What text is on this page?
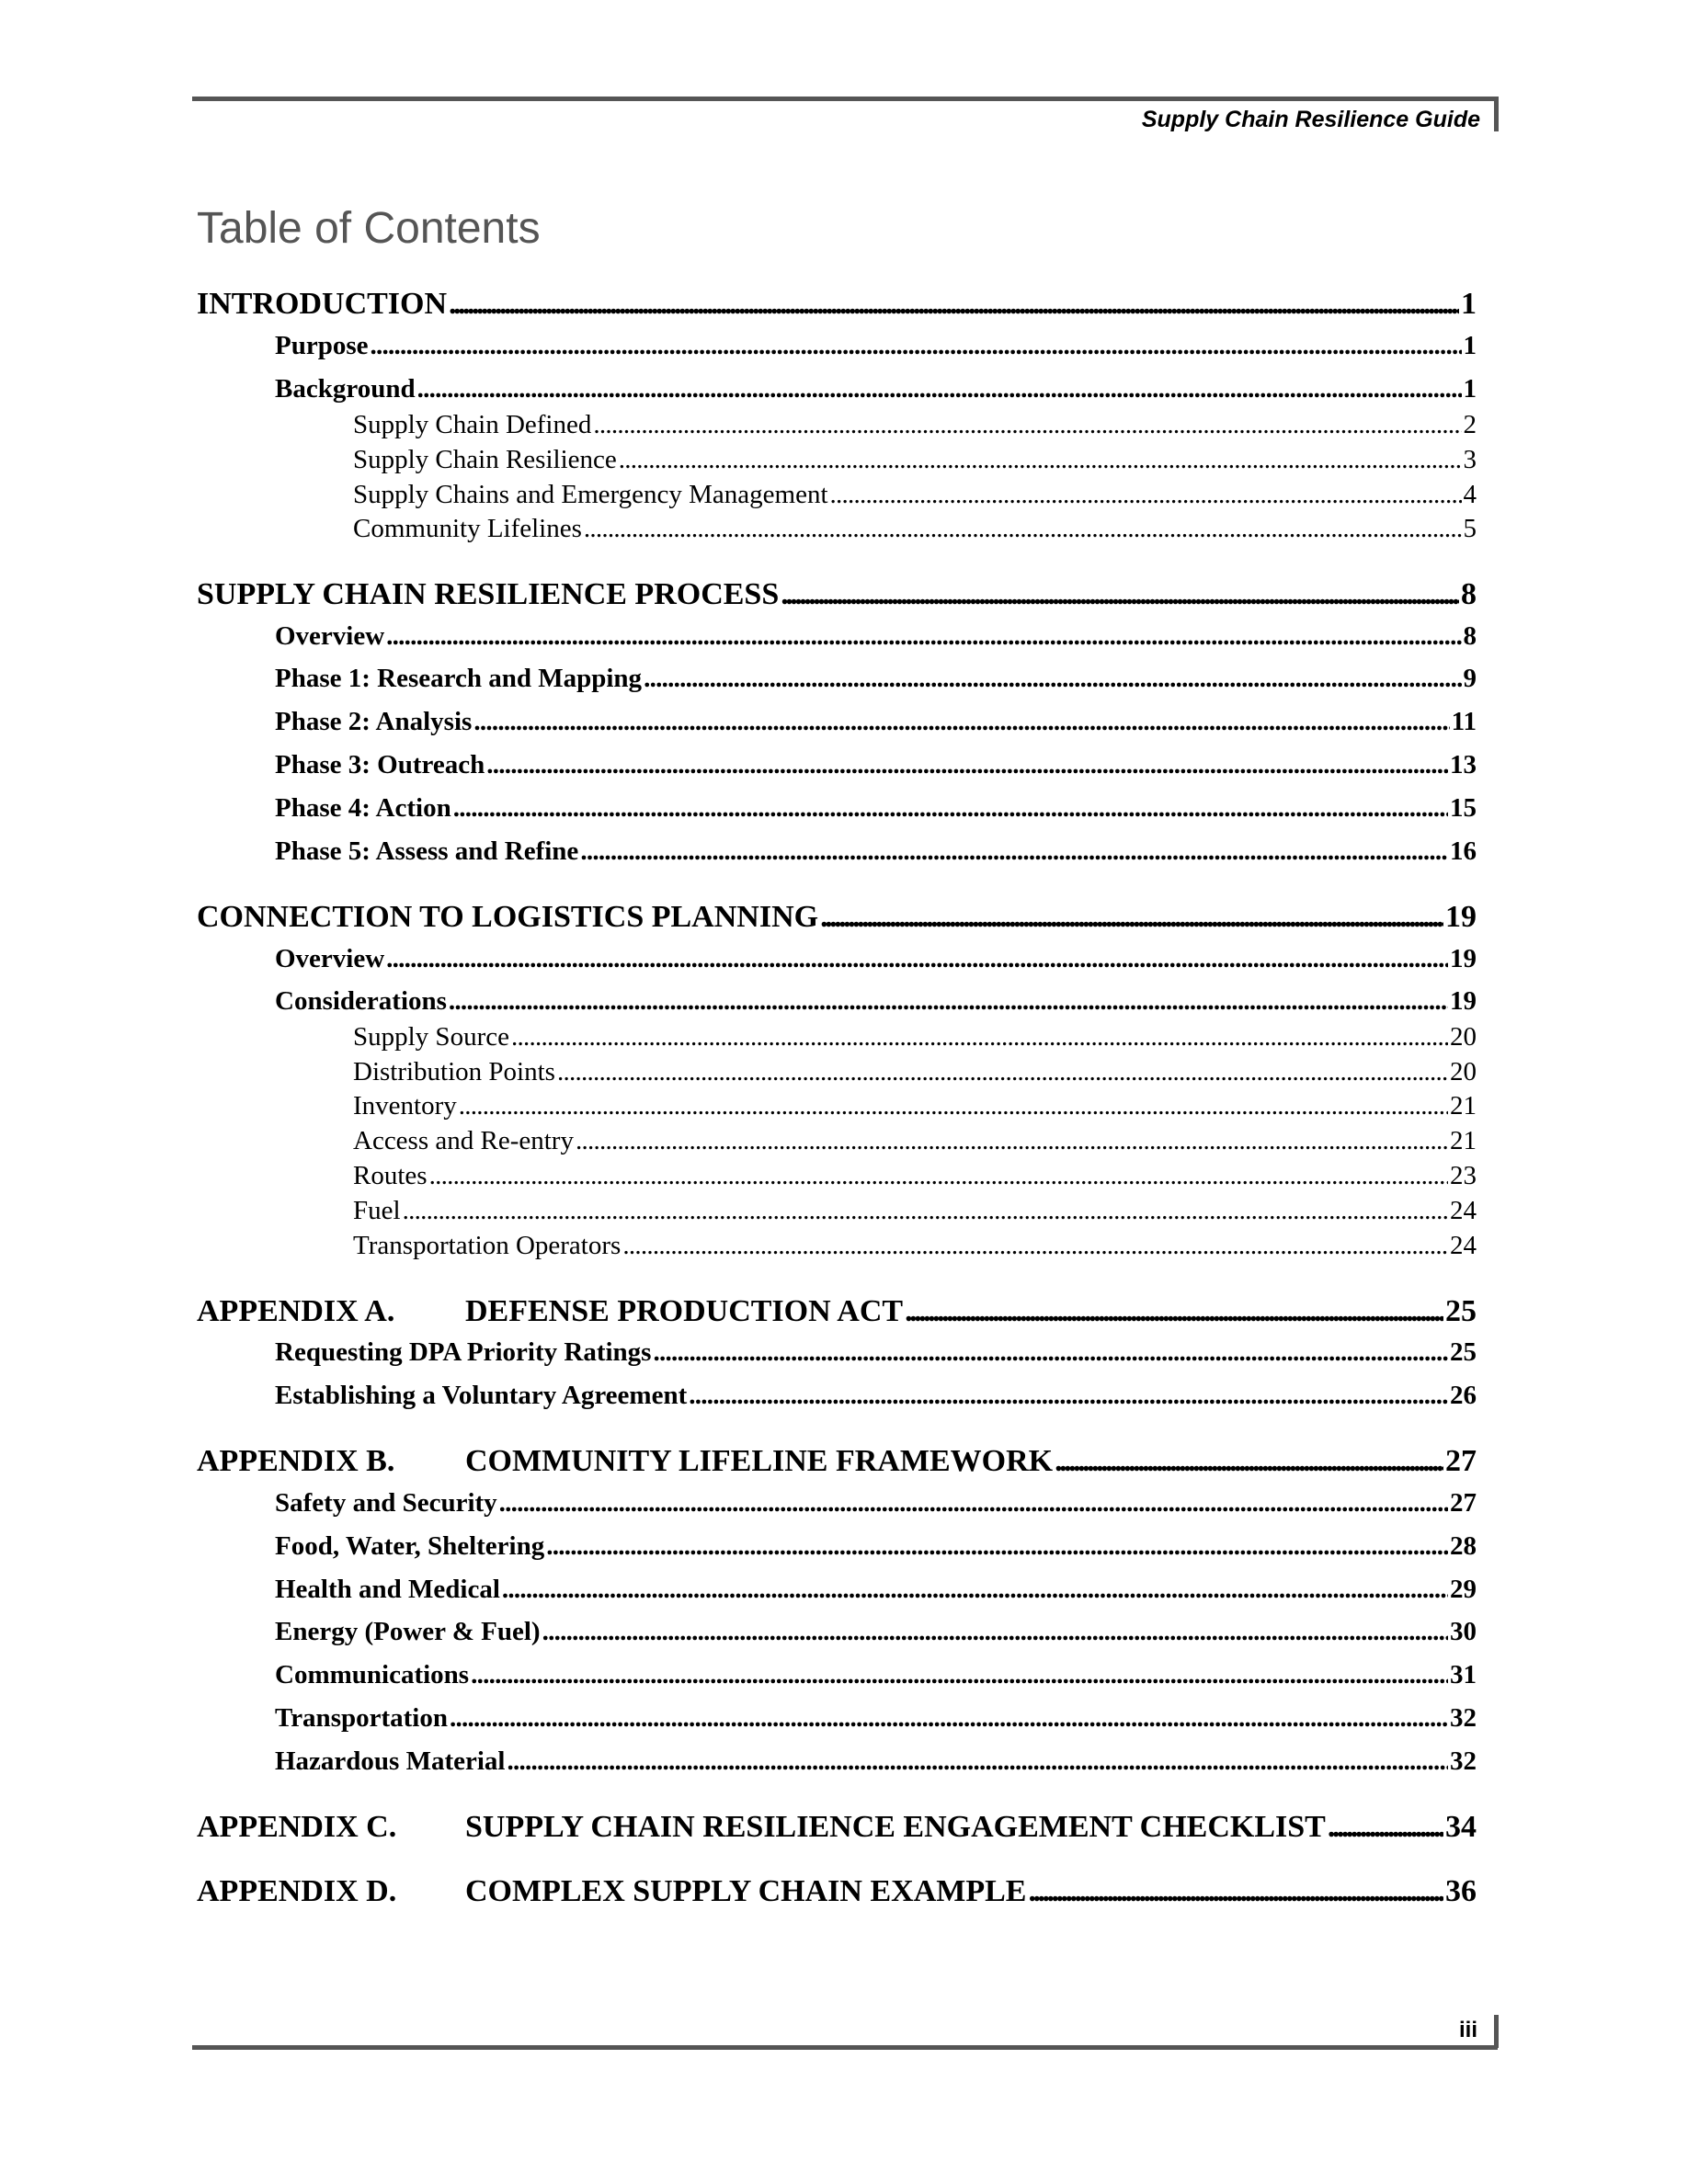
Supply Chain Resilience Guide
Table of Contents
INTRODUCTION . . .	1
Purpose . . .	1
Background . . .	1
Supply Chain Defined . . .	2
Supply Chain Resilience . . .	3
Supply Chains and Emergency Management . . .	4
Community Lifelines . . .	5
SUPPLY CHAIN RESILIENCE PROCESS . . .	8
Overview . . .	8
Phase 1: Research and Mapping . . .	9
Phase 2: Analysis . . .	11
Phase 3: Outreach . . .	13
Phase 4: Action . . .	15
Phase 5: Assess and Refine . . .	16
CONNECTION TO LOGISTICS PLANNING . . .	19
Overview . . .	19
Considerations . . .	19
Supply Source . . .	20
Distribution Points . . .	20
Inventory . . .	21
Access and Re-entry . . .	21
Routes . . .	23
Fuel . . .	24
Transportation Operators . . .	24
APPENDIX A.	DEFENSE PRODUCTION ACT . . .	25
Requesting DPA Priority Ratings . . .	25
Establishing a Voluntary Agreement . . .	26
APPENDIX B.	COMMUNITY LIFELINE FRAMEWORK . . .	27
Safety and Security . . .	27
Food, Water, Sheltering . . .	28
Health and Medical . . .	29
Energy (Power & Fuel) . . .	30
Communications . . .	31
Transportation . . .	32
Hazardous Material . . .	32
APPENDIX C.	SUPPLY CHAIN RESILIENCE ENGAGEMENT CHECKLIST . . .	34
APPENDIX D.	COMPLEX SUPPLY CHAIN EXAMPLE . . .	36
iii
